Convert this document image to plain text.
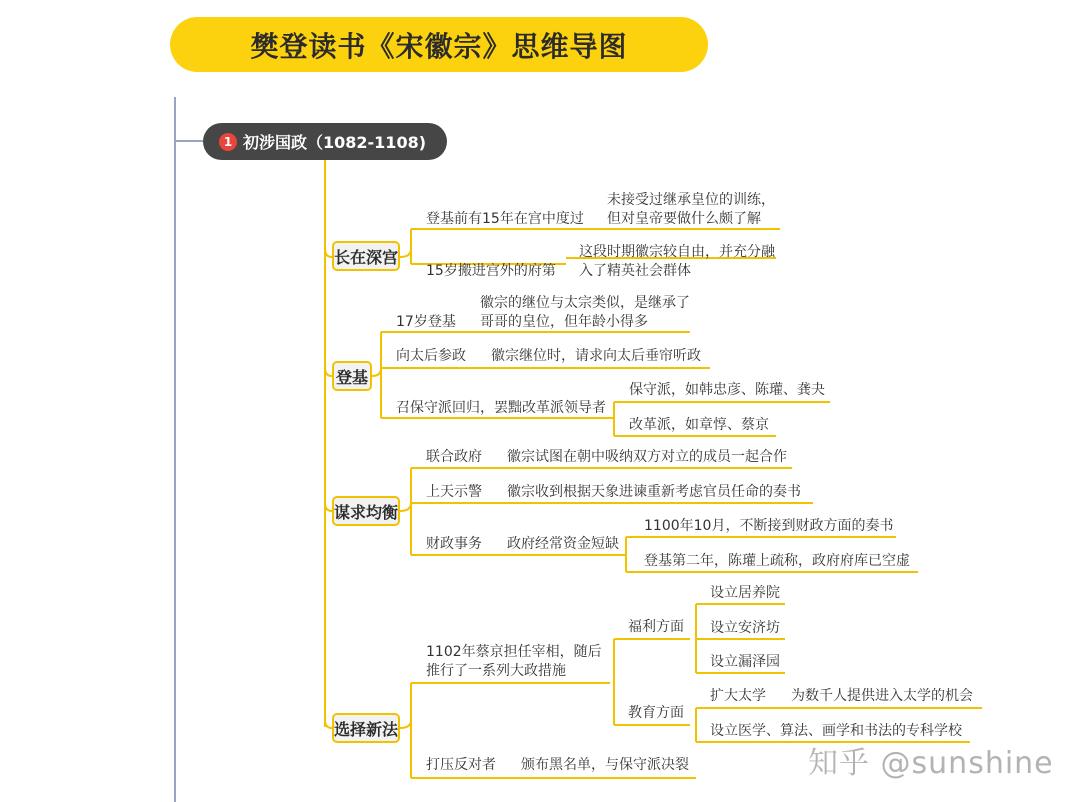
樊登读书《宋徽宗》思维导图
1 初涉国政（1082-1108)
长在深宫
登基
谋求均衡
选择新法
登基前有15年在宫中度过
未接受过继承皇位的训练，
但对皇帝要做什么颇了解
15岁搬进宫外的府第
这段时期徽宗较自由，并充分融
入了精英社会群体
17岁登基
徽宗的继位与太宗类似，是继承了
哥哥的皇位，但年龄小得多
向太后参政 徽宗继位时，请求向太后垂帘听政
召保守派回归，罢黜改革派领导者
保守派，如韩忠彦、陈瓘、龚夬
改革派，如章惇、蔡京
联合政府 徽宗试图在朝中吸纳双方对立的成员一起合作
上天示警 徽宗收到根据天象进谏重新考虑官员任命的奏书
财政事务 政府经常资金短缺
1100年10月，不断接到财政方面的奏书
登基第二年，陈瓘上疏称，政府府库已空虚
1102年蔡京担任宰相，随后
推行了一系列大政措施
福利方面
设立居养院
设立安济坊
设立漏泽园
教育方面
扩大太学 为数千人提供进入太学的机会
设立医学、算法、画学和书法的专科学校
打压反对者 颁布黑名单，与保守派决裂	知乎 @sunshine
